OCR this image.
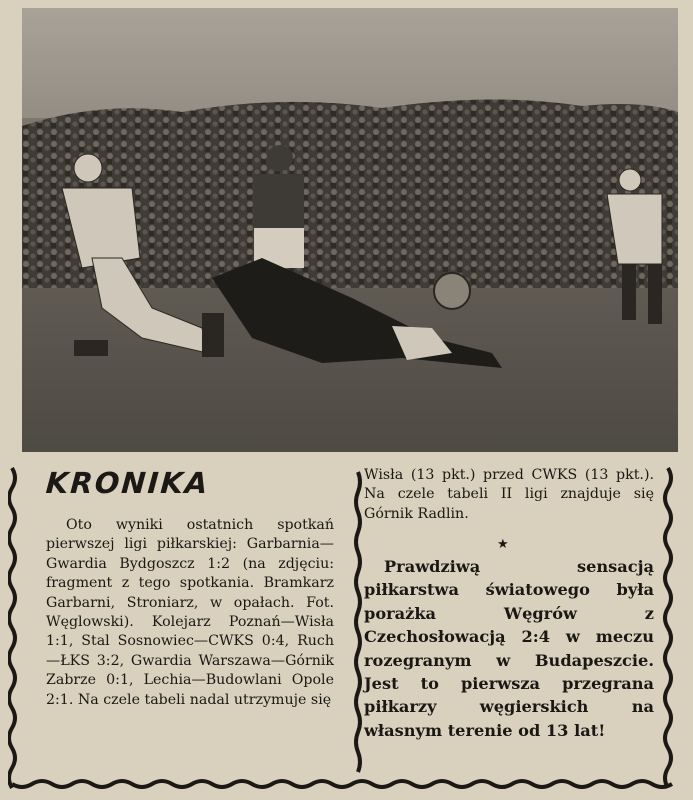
KRONIKA
Oto wyniki ostatnich spotkań pierwszej ligi piłkarskiej: Garbarnia—Gwardia Bydgoszcz 1:2 (na zdjęciu: fragment z tego spotkania. Bramkarz Garbarni, Stroniarz, w opałach. Fot. Węglowski). Kolejarz Poznań—Wisła 1:1, Stal Sosnowiec—CWKS 0:4, Ruch—ŁKS 3:2, Gwardia Warszawa—Górnik Zabrze 0:1, Lechia—Budowlani Opole 2:1. Na czele tabeli nadal utrzymuje się
Wisła (13 pkt.) przed CWKS (13 pkt.). Na czele tabeli II ligi znajduje się Górnik Radlin.
★
Prawdziwą sensacją piłkarstwa światowego była porażka Węgrów z Czechosłowacją 2:4 w meczu rozegranym w Budapeszcie. Jest to pierwsza przegrana piłkarzy węgierskich na własnym terenie od 13 lat!
